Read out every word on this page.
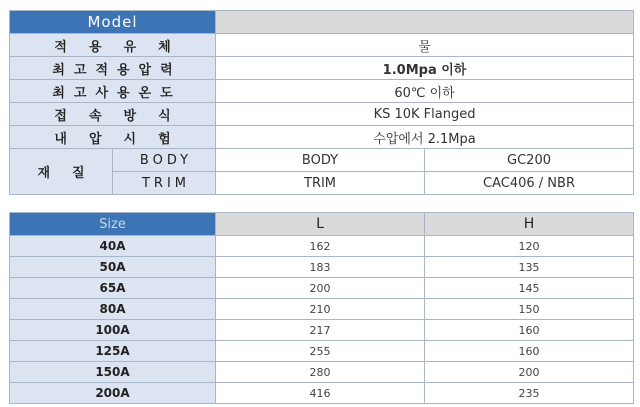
Model			
적용유체		물	
최고적용압력		1.0Mpa 이하	
최고사용온도		60℃ 이하	
접속방식		KS 10K Flanged	
내압시험		수압에서 2.1Mpa	
재질	BODY	BODY	GC200
	TRIM	TRIM	CAC406 / NBR
Size	L	H
40A	162	120
50A	183	135
65A	200	145
80A	210	150
100A	217	160
125A	255	160
150A	280	200
200A	416	235
